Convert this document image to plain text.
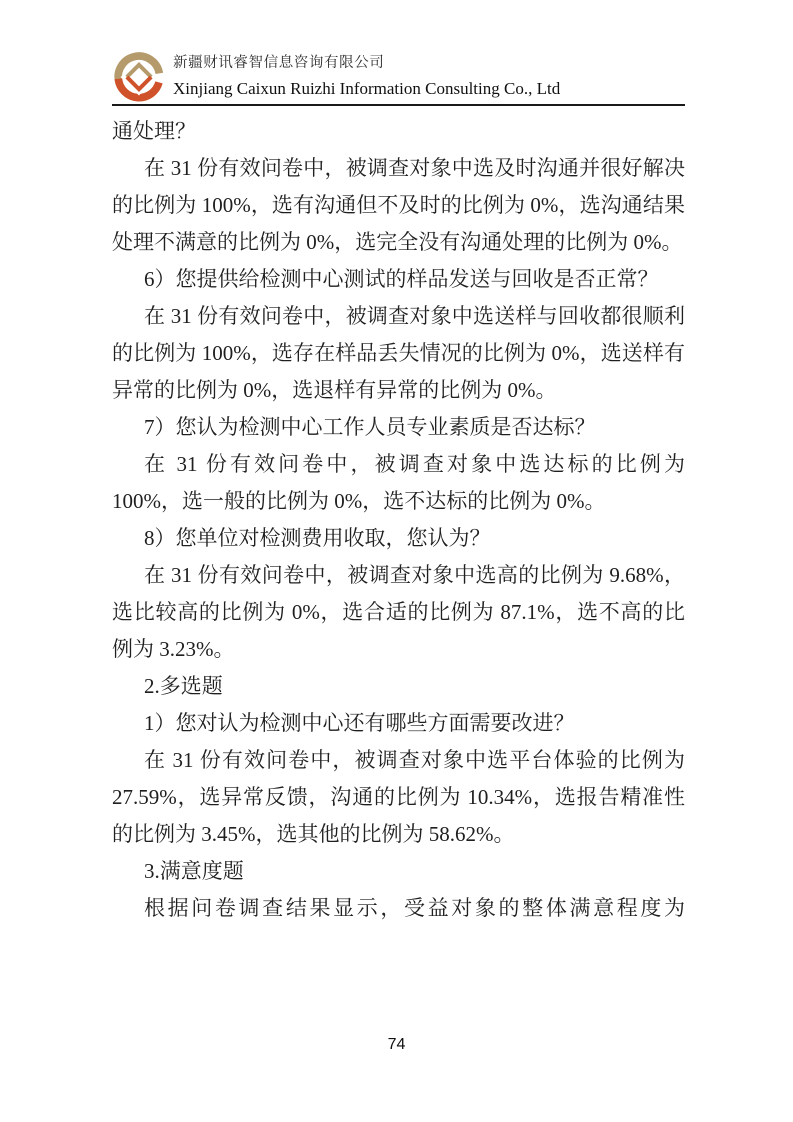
新疆财讯睿智信息咨询有限公司
Xinjiang Caixun Ruizhi Information Consulting Co., Ltd

通处理？

在 31 份有效问卷中，被调查对象中选及时沟通并很好解决的比例为 100%，选有沟通但不及时的比例为 0%，选沟通结果处理不满意的比例为 0%，选完全没有沟通处理的比例为 0%。

6）您提供给检测中心测试的样品发送与回收是否正常？

在 31 份有效问卷中，被调查对象中选送样与回收都很顺利的比例为 100%，选存在样品丢失情况的比例为 0%，选送样有异常的比例为 0%，选退样有异常的比例为 0%。

7）您认为检测中心工作人员专业素质是否达标？

在 31 份有效问卷中，被调查对象中选达标的比例为 100%，选一般的比例为 0%，选不达标的比例为 0%。

8）您单位对检测费用收取，您认为？

在 31 份有效问卷中，被调查对象中选高的比例为 9.68%，选比较高的比例为 0%，选合适的比例为 87.1%，选不高的比例为 3.23%。

2.多选题

1）您对认为检测中心还有哪些方面需要改进？

在 31 份有效问卷中，被调查对象中选平台体验的比例为 27.59%，选异常反馈，沟通的比例为 10.34%，选报告精准性的比例为 3.45%，选其他的比例为 58.62%。

3.满意度题

根据问卷调查结果显示，受益对象的整体满意程度为

74
